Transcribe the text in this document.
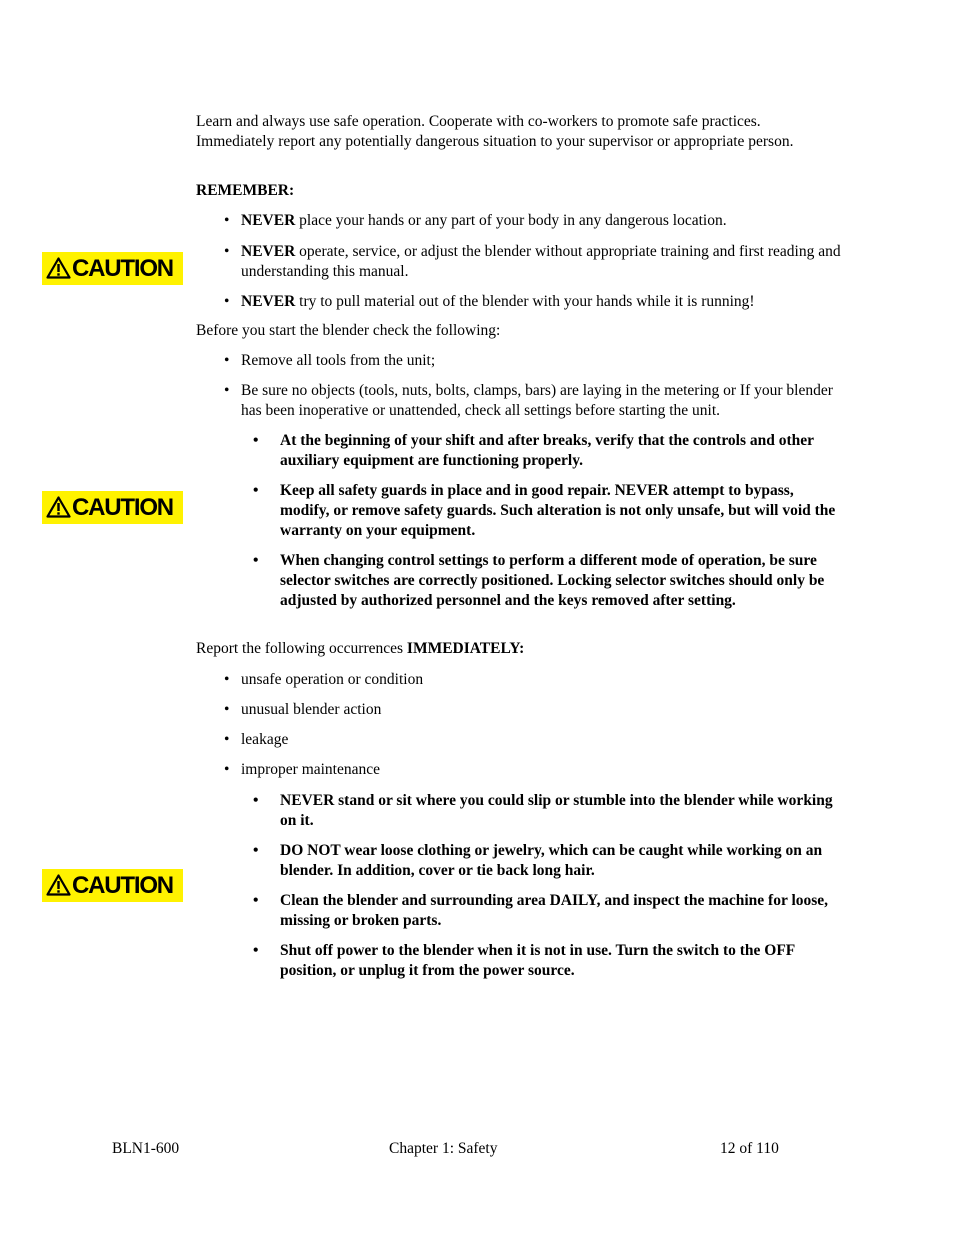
CAUTION
CAUTION
CAUTION

Learn and always use safe operation. Cooperate with co-workers to promote safe practices. Immediately report any potentially dangerous situation to your supervisor or appropriate person.

REMEMBER:

• NEVER place your hands or any part of your body in any dangerous location.
• NEVER operate, service, or adjust the blender without appropriate training and first reading and understanding this manual.
• NEVER try to pull material out of the blender with your hands while it is running!

Before you start the blender check the following:

• Remove all tools from the unit;
• Be sure no objects (tools, nuts, bolts, clamps, bars) are laying in the metering or If your blender has been inoperative or unattended, check all settings before starting the unit.
• At the beginning of your shift and after breaks, verify that the controls and other auxiliary equipment are functioning properly.
• Keep all safety guards in place and in good repair. NEVER attempt to bypass, modify, or remove safety guards. Such alteration is not only unsafe, but will void the warranty on your equipment.
• When changing control settings to perform a different mode of operation, be sure selector switches are correctly positioned. Locking selector switches should only be adjusted by authorized personnel and the keys removed after setting.

Report the following occurrences IMMEDIATELY:

• unsafe operation or condition
• unusual blender action
• leakage
• improper maintenance
• NEVER stand or sit where you could slip or stumble into the blender while working on it.
• DO NOT wear loose clothing or jewelry, which can be caught while working on an blender. In addition, cover or tie back long hair.
• Clean the blender and surrounding area DAILY, and inspect the machine for loose, missing or broken parts.
• Shut off power to the blender when it is not in use. Turn the switch to the OFF position, or unplug it from the power source.

BLN1-600	Chapter 1: Safety	12 of 110
